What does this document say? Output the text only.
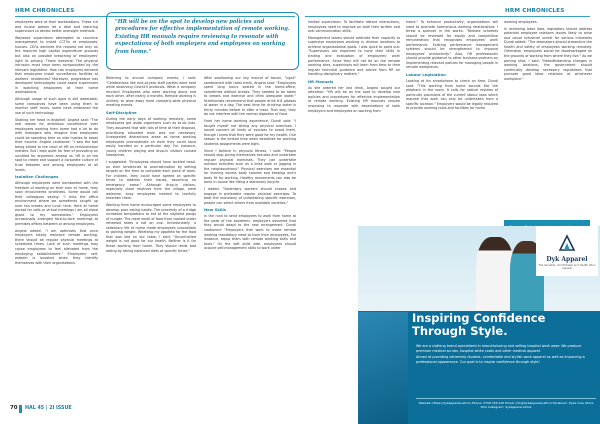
HRM CHRONICLES	HRM CHRONICLES

employees were at their workstations. These cut and incase games let a deal and requiring supervisors to devise better oversight methods.

Wayward supervisors attempted to convince management to install CCTVs at employees' houses. CEOs declined the request not only on the required high capital expenditure grounds but also on possible breaching of employees' right to privacy. Thank heavens! The physical intrusion must have been compounded by the relevant legislation. How can employers demand that employees install surveillance facilities at workers' residences? Moreover, progressive has developed technologies could assist supervisors in watching employees at their home workstations.

Although usage of such apps is still debatable, some companies have been using them to monitor staff hours, some have embraced the use of such technology.

Shaking her head in disbelief, Angela said: "The real reason for ambitious surveillance over employees working from home had a lot to do with managers who imagine that employees could be spending time on side hustles to boost their income. Angela cautioned: "I saw the ball being kicked to the court of HR on remuneration matters. But I kept quiet for fear of provoking an uncalled for argument among us. HR is on the spot to create and support a corporate culture of trust between and among employees at all levels.

Isolation Challenges

Although employees were bombarded with the freedom of working on their own at home, they soon encountered loneliness. Some would call their colleagues saying: "I miss the office environment where we sometimes caught up over tea breaks and lunch time. Here at home except for calls or virtual meetings I am all alone glued to my workstation." Employees occasionally arranged face-to-face meetings at premises offices between or among employees.

Angela added: "I am optimistic that once employers totally embrace remote working, there should be regular physical meetings at scheduled times. Lack of such meetings may cause employees to feel alienated from the employing establishment." Employees' self-esteem is boosted when they identify themselves with their organisations.

"HR will be on the spot to develop new policies and procedures for effective implementation of remote working. Existing HR manuals require reviewing to resonate with expectations of both employers and employees on working from home."

Referring to annual company events, I said: "Celebrations like end-of-year staff parties were held while observing Covid19 protocols. What a company reunion! Employees who were working alone and each other, after nearly 4 months. Remote working is unlikely to wipe away most company-wide physical meeting events.

Self-Discipline

During the early days of working remotely, some employees got aside organisers such as to-do lists. They assumed that with lots of time at their disposal, prioritising allocated work was not necessary. Unexpected distractions arose as home working employees procrastinate on work they could have easily handled on a particular day. For instance, young children playing and drop-in visitors caused headaches.

I suggested: "Employees should have tackled head-on their tendencies to procrastination by setting targets on the time to complete each piece of work. For children, they could have agreed on specific times to address their issues, assuming no emergency arose." Although drop-in visitors, especially close relatives from the village, were welcome, busy employees needed to tactfully entertain them.

Working from home encouraged some employees to develop poor eating habits. The proximity of a fridge increased temptations to eat at the slightest pangs of hunger. The mere smell of food from cooked under reheated takes a toll on one. Unfortunately, a sedentary life at home made employees susceptible to gaining weight. Whetting my appetite for the food that was laid on our table, I said: "Uncontrolled weight is not good for our health. Neither is it for those working from home. They should resist bad eating by taking balanced diets at specific times."

After swallowing our big mound of bacon, "ugali" sandwiched with roast meat, Angela said: "Employees spent long hours seated in the home-office, sometimes without breaks. They needed to be taken to breaks and exercise and drink adequate water." Nutritionists recommend that people drink 6-8 glasses of water in a day. The best time for drinking water is thirty minutes before or after a meal. That way, they do not interfere with the normal digestion of food.

From her home working experience, Dundi said: "I taught myself not sitting any physical exercises. I would convert all kinds of excuses to avoid them, though I knew that they were good for my health. One reason is the limited time when deadlines for working students assignments were tight.

Since I believe in physical fitness, I said: "People should stop giving themselves excuses and undertake regular physical exercises. They can undertake outdoor activities such as a brisk walk or jogging in the neighbourhood." Physical exercises are essential for burning excess body calories and keeping one's body fit for working. Healthy movements can also be done in-house like riding a stationary bicycle.

I added: "Sedentary workers should choose and engage in preferable regular physical exercises. To beat the monotony of undertaking specific exercises, people can select others from available varieties."

New Skills

In the rush to send employees to work from home at the peak of the pandemic, employers assumed that they would adapt to the new arrangement. Dundi cautioned: "Employers that want to make remote working mandatory need to train their employees. For instance, equip them with remote working skills and tools." On the soft skills side, employees should acquire self-management skills to work under

limited supervision. To facilitate distant interactions, employees need to improve on both their written and oral communication skills.

Management teams should arbitrate their capacity to supervise employees working in diverse locations to achieve organisational goals. I was quick to point out: "Supervisors are expected to hone their skills in trading and evaluation of employees' work performance. Since they will not be on the remote working sites, supervisors will learn from time to time regular technical guidance and advice from HR on handling disciplinary matters."

HR Manuals

As she ordered her last drink, Angela sought our attention: "HR will be on the spot to develop new policies and procedures for effective implementation of remote working. Existing HR manuals require reviewing to resonate with expectations of both employers and employees on working from

home." To enhance productivity, organisations will need to promote harmonious working relationships. I threw a spanner in the works: "Remote schemes should be reviewed for equity and competitive remuneration that recognises employees' work performance. Existing performance management systems should be strengthened to improve employees' productivity." Also, HR professionals should provide guidance to other business partners on implementing relevant policies for managing people in remote workplaces.

Labour Legislation

Looking at his smartphone to check on time, Dundi said: "This working from home sounds like the elephant in the room. It calls for radical reviews of particular provisions of the current labour laws which assume that work can only be undertaken from a specific location." Employers would be legally required to provide working tools and facilities for home

working employees.

In reviewing labor laws, legislators should address potential employee relations issues likely to arise and cause industrial unrest for various industries Dundi added: "The lawmakers should streamline the health and safety of employees working remotely. Otherwise, employees would be disadvantaged on the grounds of working from where they live." As we parting shot, I said: "Notwithstanding changes in working locations, the government should continually develop necessary regulations that promote good labor relations at whichever workplace."

Dyk Apparel
The Versatile, Comfortable And Health Worn Apparel
Inspiring Confidence Through Style.

We are a clothing brand specialised in manufacturing and selling hospital work wear. We produce premium medical scrubs, hospital white coats and other medical apparel.

Aimed at providing extremely durable, comfortable and stylish work apparel as well as improving a professional appearance. Our goal is to inspire confidence through style!

Website: https://dykapparels.africa Phone: 0758 746 440 Email: info@dykapparels.africa Facebook: Dyka Cole Africa DCA Instagram: dykapparel.africa
70 HAL 45 | 2I ISSUE
